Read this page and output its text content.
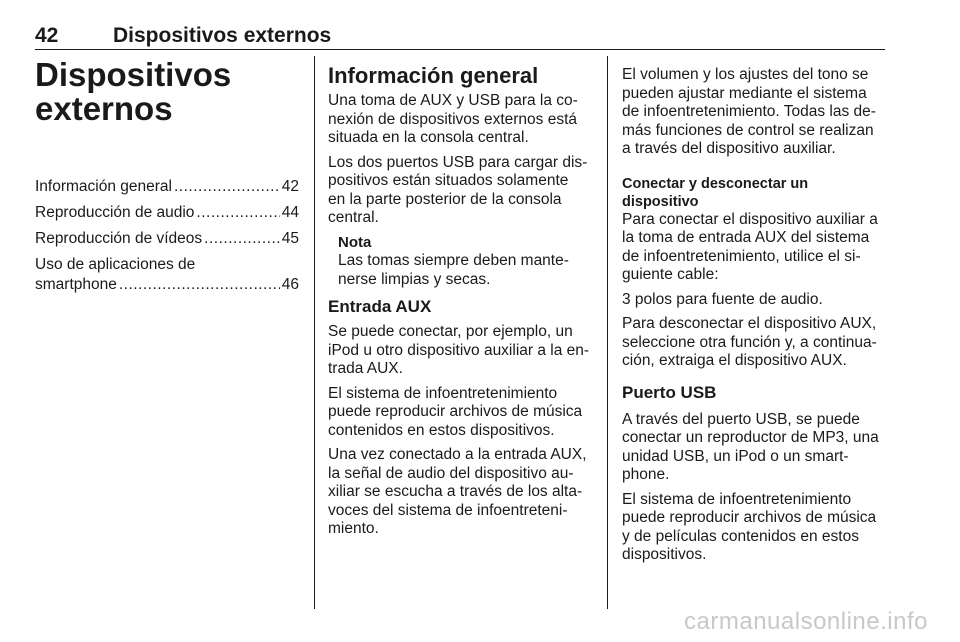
42	Dispositivos externos
Dispositivos
externos
Información general .....	42
Reproducción de audio .....	44
Reproducción de vídeos .....	45
Uso de aplicaciones de
smartphone .....	46
Información general

Una toma de AUX y USB para la co-
nexión de dispositivos externos está
situada en la consola central.

Los dos puertos USB para cargar dis-
positivos están situados solamente
en la parte posterior de la consola
central.

Nota
Las tomas siempre deben mante-
nerse limpias y secas.
Entrada AUX

Se puede conectar, por ejemplo, un
iPod u otro dispositivo auxiliar a la en-
trada AUX.

El sistema de infoentretenimiento
puede reproducir archivos de música
contenidos en estos dispositivos.

Una vez conectado a la entrada AUX,
la señal de audio del dispositivo au-
xiliar se escucha a través de los alta-
voces del sistema de infoentreteni-
miento.

El volumen y los ajustes del tono se
pueden ajustar mediante el sistema
de infoentretenimiento. Todas las de-
más funciones de control se realizan
a través del dispositivo auxiliar.

Conectar y desconectar un
dispositivo

Para conectar el dispositivo auxiliar a
la toma de entrada AUX del sistema
de infoentretenimiento, utilice el si-
guiente cable:

3 polos para fuente de audio.

Para desconectar el dispositivo AUX,
seleccione otra función y, a continua-
ción, extraiga el dispositivo AUX.

Puerto USB

A través del puerto USB, se puede
conectar un reproductor de MP3, una
unidad USB, un iPod o un smart-
phone.

El sistema de infoentretenimiento
puede reproducir archivos de música
y de películas contenidos en estos
dispositivos.

carmanualsonline.info
